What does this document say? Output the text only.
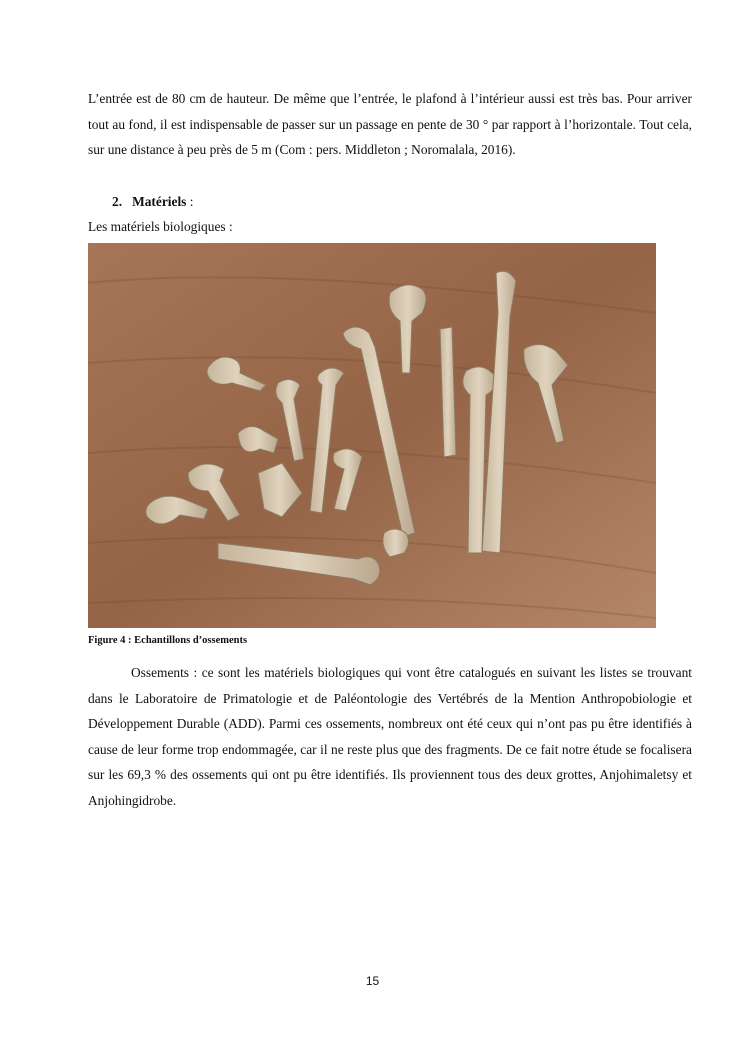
L’entrée est de 80 cm de hauteur. De même que l’entrée, le plafond à l’intérieur aussi est très bas. Pour arriver tout au fond, il est indispensable de passer sur un passage en pente de 30 ° par rapport à l’horizontale. Tout cela, sur une distance à peu près de 5 m (Com : pers. Middleton ; Noromalala, 2016).

2. Matériels :

Les matériels biologiques :

Figure 4 : Echantillons d’ossements

Ossements : ce sont les matériels biologiques qui vont être catalogués en suivant les listes se trouvant dans le Laboratoire de Primatologie et de Paléontologie des Vertébrés de la Mention Anthropobiologie et Développement Durable (ADD). Parmi ces ossements, nombreux ont été ceux qui n’ont pas pu être identifiés à cause de leur forme trop endommagée, car il ne reste plus que des fragments. De ce fait notre étude se focalisera sur les 69,3 % des ossements qui ont pu être identifiés. Ils proviennent tous des deux grottes, Anjohimaletsy et Anjohingidrobe.

15
